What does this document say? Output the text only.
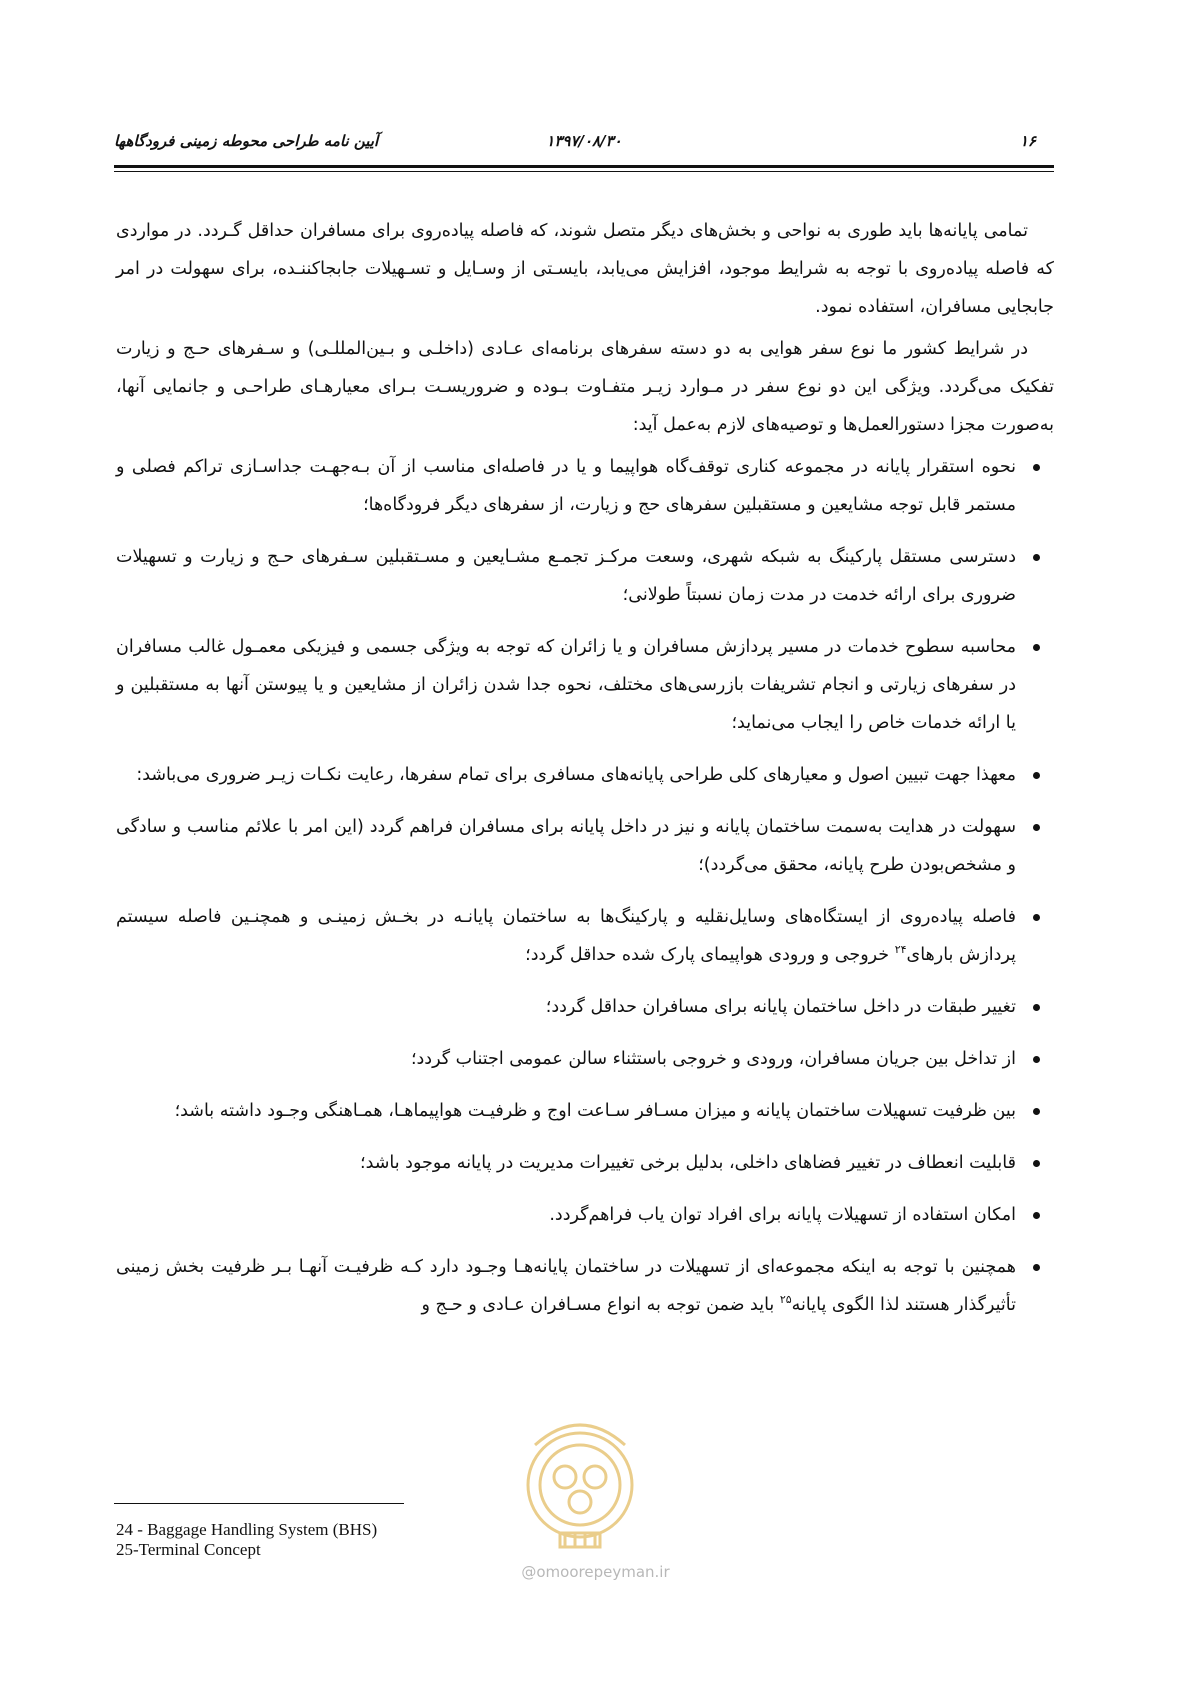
۱۶
۱۳۹۷/۰۸/۳۰
آیین نامه طراحی محوطه زمینی فرودگاهها

تمامی پایانه‌ها باید طوری به نواحی و بخش‌های دیگر متصل شوند، که فاصله پیاده‌روی برای مسافران حداقل گـردد. در مواردی که فاصله پیاده‌روی با توجه به شرایط موجود، افزایش می‌یابد، بایسـتی از وسـایل و تسـهیلات جابجاکننـده، برای سهولت در امر جابجایی مسافران، استفاده نمود.

در شرایط کشور ما نوع سفر هوایی به دو دسته سفرهای برنامه‌ای عـادی (داخلـی و بـین‌المللـی) و سـفرهای حـج و زیارت تفکیک می‌گردد. ویژگی این دو نوع سفر در مـوارد زیـر متفـاوت بـوده و ضروریسـت بـرای معیارهـای طراحـی و جانمایی آنها، به‌صورت مجزا دستورالعمل‌ها و توصیه‌های لازم به‌عمل آید:

نحوه استقرار پایانه در مجموعه کناری توقف‌گاه هواپیما و یا در فاصله‌ای مناسب از آن بـه‌جهـت جداسـازی تراکم فصلی و مستمر قابل توجه مشایعین و مستقبلین سفرهای حج و زیارت، از سفرهای دیگر فرودگاه‌ها؛
دسترسی مستقل پارکینگ به شبکه شهری، وسعت مرکـز تجمـع مشـایعین و مسـتقبلین سـفرهای حـج و زیارت و تسهیلات ضروری برای ارائه خدمت در مدت زمان نسبتاً طولانی؛
محاسبه سطوح خدمات در مسیر پردازش مسافران و یا زائران که توجه به ویژگی جسمی و فیزیکی معمـول غالب مسافران در سفرهای زیارتی و انجام تشریفات بازرسی‌های مختلف، نحوه جدا شدن زائران از مشایعین و یا پیوستن آنها به مستقبلین و یا ارائه خدمات خاص را ایجاب می‌نماید؛
معهذا جهت تبیین اصول و معیارهای کلی طراحی پایانه‌های مسافری برای تمام سفرها، رعایت نکـات زیـر ضروری می‌باشد:
سهولت در هدایت به‌سمت ساختمان پایانه و نیز در داخل پایانه برای مسافران فراهم گردد (این امر با علائم مناسب و سادگی و مشخص‌بودن طرح پایانه، محقق می‌گردد)؛
فاصله پیاده‌روی از ایستگاه‌های وسایل‌نقلیه و پارکینگ‌ها به ساختمان پایانـه در بخـش زمینـی و همچنـین فاصله سیستم پردازش بارهای$^{۲۴}$ خروجی و ورودی هواپیمای پارک شده حداقل گردد؛
تغییر طبقات در داخل ساختمان پایانه برای مسافران حداقل گردد؛
از تداخل بین جریان مسافران، ورودی و خروجی باستثناء سالن عمومی اجتناب گردد؛
بین ظرفیت تسهیلات ساختمان پایانه و میزان مسـافر سـاعت اوج و ظرفیـت هواپیماهـا، همـاهنگی وجـود داشته باشد؛
قابلیت انعطاف در تغییر فضاهای داخلی، بدلیل برخی تغییرات مدیریت در پایانه موجود باشد؛
امکان استفاده از تسهیلات پایانه برای افراد توان یاب فراهم‌گردد.
همچنین با توجه به اینکه مجموعه‌ای از تسهیلات در ساختمان پایانه‌هـا وجـود دارد کـه ظرفیـت آنهـا بـر ظرفیت بخش زمینی تأثیرگذار هستند لذا الگوی پایانه$^{۲۵}$ باید ضمن توجه به انواع مسـافران عـادی و حـج و
24 - Baggage Handling System (BHS)
25-Terminal Concept
@omoorepeyman.ir
